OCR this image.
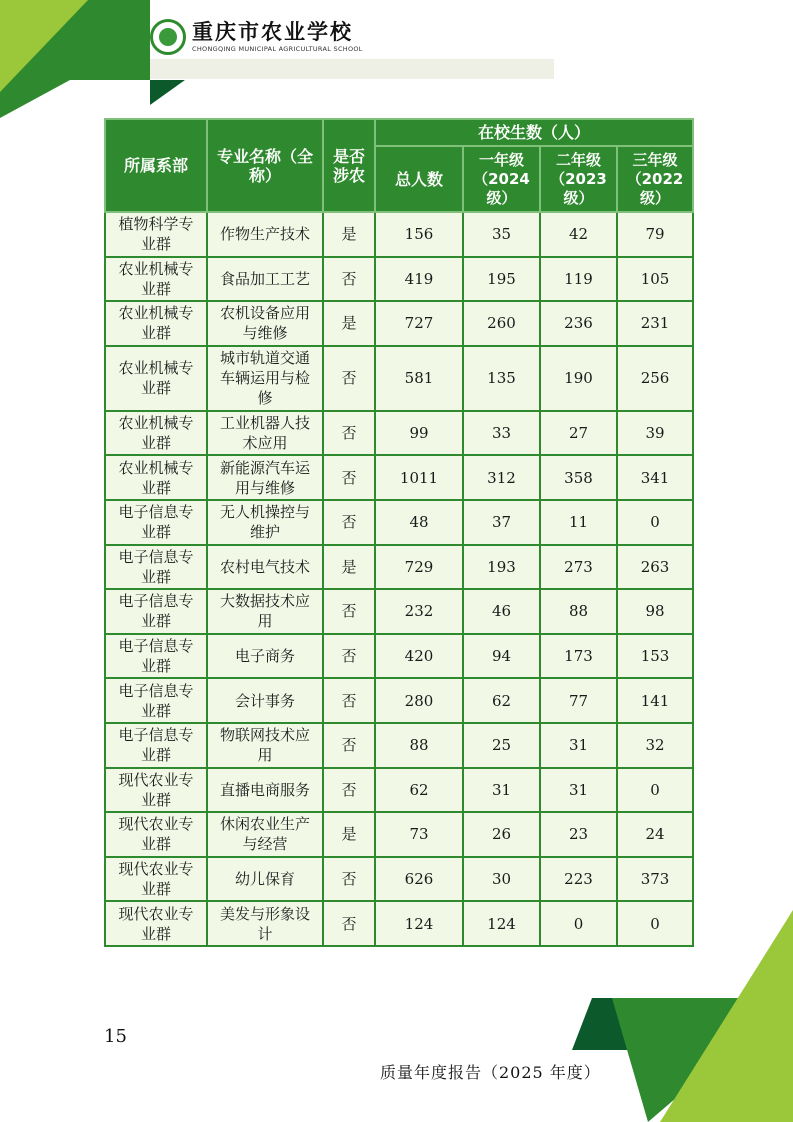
重庆市农业学校
CHONGQING MUNICIPAL AGRICULTURAL SCHOOL
所属系部	专业名称（全称）	是否涉农	在校生数（人）			
			总人数	一年级（2024级）	二年级（2023级）	三年级（2022级）
植物科学专业群	作物生产技术	是	156	35	42	79
农业机械专业群	食品加工工艺	否	419	195	119	105
农业机械专业群	农机设备应用与维修	是	727	260	236	231
农业机械专业群	城市轨道交通车辆运用与检修	否	581	135	190	256
农业机械专业群	工业机器人技术应用	否	99	33	27	39
农业机械专业群	新能源汽车运用与维修	否	1011	312	358	341
电子信息专业群	无人机操控与维护	否	48	37	11	0
电子信息专业群	农村电气技术	是	729	193	273	263
电子信息专业群	大数据技术应用	否	232	46	88	98
电子信息专业群	电子商务	否	420	94	173	153
电子信息专业群	会计事务	否	280	62	77	141
电子信息专业群	物联网技术应用	否	88	25	31	32
现代农业专业群	直播电商服务	否	62	31	31	0
现代农业专业群	休闲农业生产与经营	是	73	26	23	24
现代农业专业群	幼儿保育	否	626	30	223	373
现代农业专业群	美发与形象设计	否	124	124	0	0
15
质量年度报告（2025 年度）
